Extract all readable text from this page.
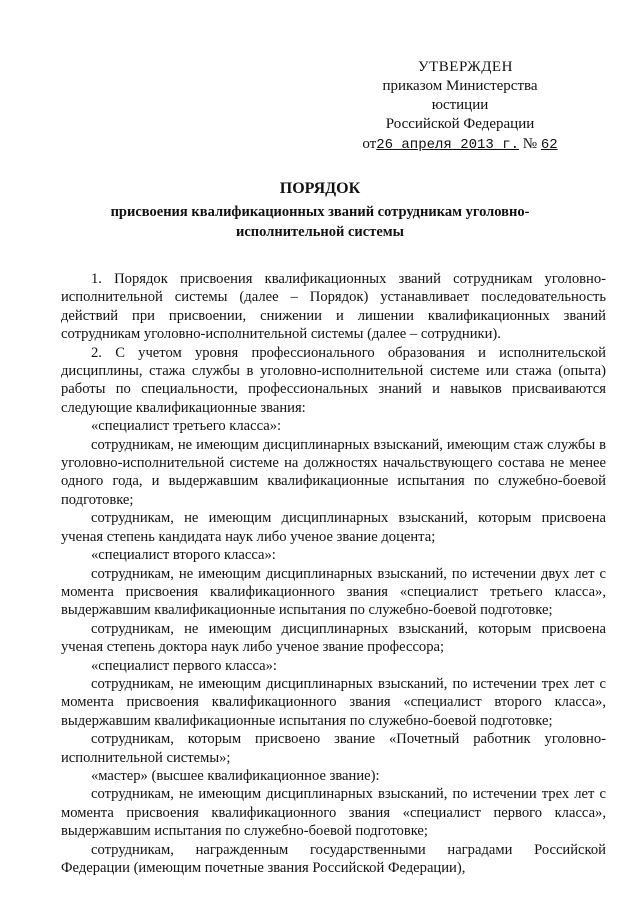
УТВЕРЖДЕН
приказом Министерства юстиции
Российской Федерации
от26 апреля 2013 г. № 62
ПОРЯДОК
присвоения квалификационных званий сотрудникам уголовно-исполнительной системы

1. Порядок присвоения квалификационных званий сотрудникам уголовно-исполнительной системы (далее – Порядок) устанавливает последовательность действий при присвоении, снижении и лишении квалификационных званий сотрудникам уголовно-исполнительной системы (далее – сотрудники).

2. С учетом уровня профессионального образования и исполнительской дисциплины, стажа службы в уголовно-исполнительной системе или стажа (опыта) работы по специальности, профессиональных знаний и навыков присваиваются следующие квалификационные звания:

«специалист третьего класса»:

сотрудникам, не имеющим дисциплинарных взысканий, имеющим стаж службы в уголовно-исполнительной системе на должностях начальствующего состава не менее одного года, и выдержавшим квалификационные испытания по служебно-боевой подготовке;

сотрудникам, не имеющим дисциплинарных взысканий, которым присвоена ученая степень кандидата наук либо ученое звание доцента;

«специалист второго класса»:

сотрудникам, не имеющим дисциплинарных взысканий, по истечении двух лет с момента присвоения квалификационного звания «специалист третьего класса», выдержавшим квалификационные испытания по служебно-боевой подготовке;

сотрудникам, не имеющим дисциплинарных взысканий, которым присвоена ученая степень доктора наук либо ученое звание профессора;

«специалист первого класса»:

сотрудникам, не имеющим дисциплинарных взысканий, по истечении трех лет с момента присвоения квалификационного звания «специалист второго класса», выдержавшим квалификационные испытания по служебно-боевой подготовке;

сотрудникам, которым присвоено звание «Почетный работник уголовно-исполнительной системы»;

«мастер» (высшее квалификационное звание):

сотрудникам, не имеющим дисциплинарных взысканий, по истечении трех лет с момента присвоения квалификационного звания «специалист первого класса», выдержавшим испытания по служебно-боевой подготовке;

сотрудникам, награжденным государственными наградами Российской Федерации (имеющим почетные звания Российской Федерации),
